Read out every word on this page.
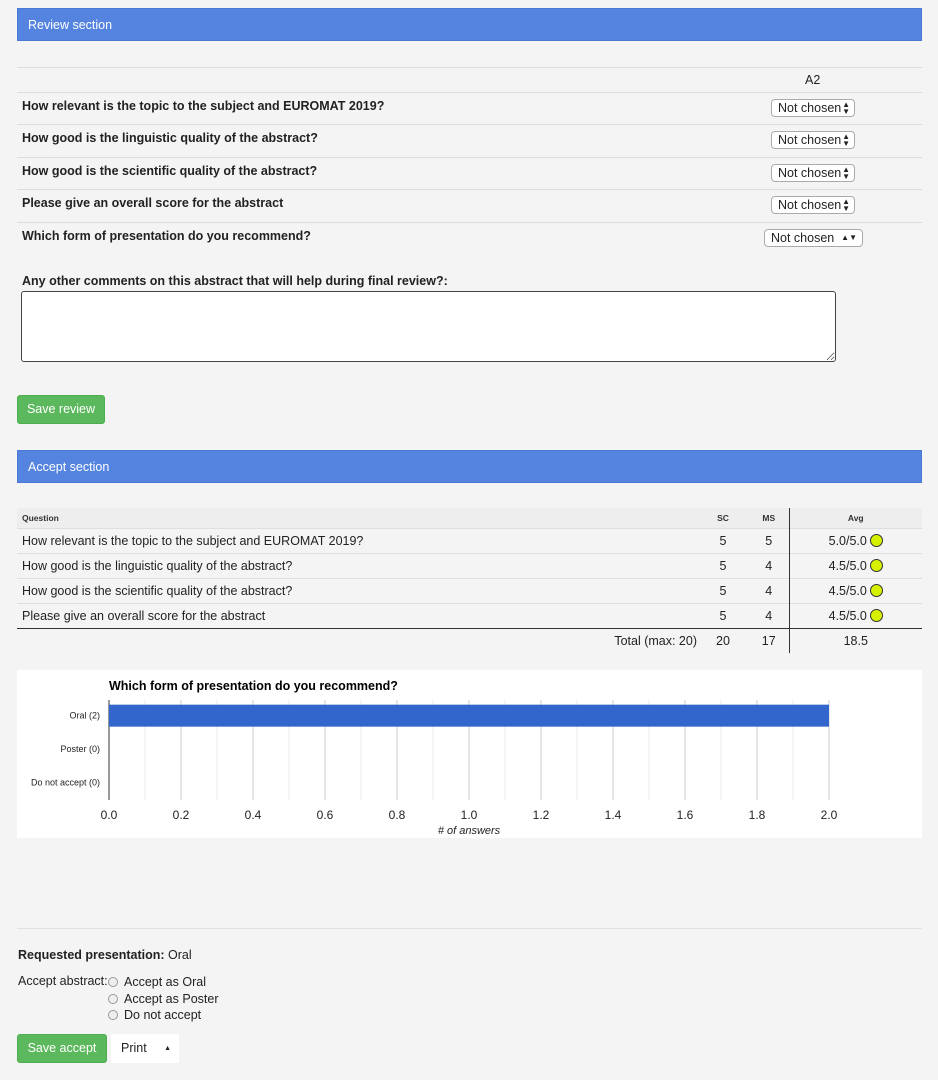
Review section
A2
How relevant is the topic to the subject and EUROMAT 2019?	Not chosen ▲
▼
How good is the linguistic quality of the abstract?	Not chosen ▲
▼
How good is the scientific quality of the abstract?	Not chosen ▲
▼
Please give an overall score for the abstract	Not chosen ▲
▼
Which form of presentation do you recommend?	Not chosen ▲▼
Any other comments on this abstract that will help during final review?:
Save review
Accept section
Question	SC	MS	Avg
How relevant is the topic to the subject and EUROMAT 2019?	5	5	5.0/5.0
How good is the linguistic quality of the abstract?	5	4	4.5/5.0
How good is the scientific quality of the abstract?	5	4	4.5/5.0
Please give an overall score for the abstract	5	4	4.5/5.0
Total (max: 20)	20	17	18.5
Which form of presentation do you recommend?
Oral (2)
Poster (0)
Do not accept (0)
0.0	0.2	0.4	0.6	0.8	1.0	1.2	1.4	1.6	1.8	2.0
# of answers
Requested presentation: Oral
Accept abstract:	Accept as Oral
Accept as Poster
Do not accept
Save accept	Print ▲
